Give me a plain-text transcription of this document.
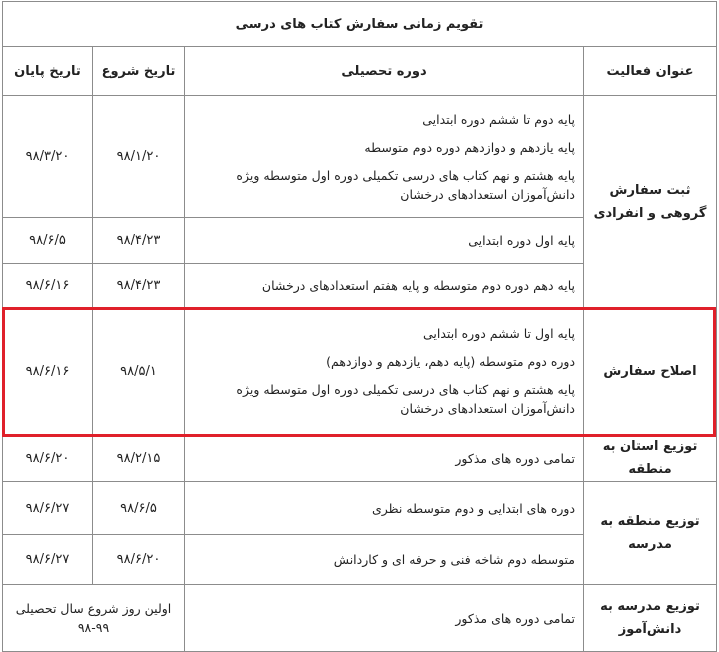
تقویم زمانی سفارش کتاب های درسی			
عنوان فعالیت	دوره تحصیلی	تاریخ شروع	تاریخ پایان
ثبت سفارش گروهی و انفرادی	پایه دوم تا ششم دوره ابتدایی

پایه یازدهم و دوازدهم دوره دوم متوسطه

پایه هشتم و نهم کتاب های درسی تکمیلی دوره اول متوسطه ویژه دانش‌آموزان استعدادهای درخشان	۹۸/۱/۲۰	۹۸/۳/۲۰

	پایه اول دوره ابتدایی	۹۸/۴/۲۳	۹۸/۶/۵

	پایه دهم دوره دوم متوسطه و پایه هفتم استعدادهای درخشان	۹۸/۴/۲۳	۹۸/۶/۱۶
اصلاح سفارش	پایه اول تا ششم دوره ابتدایی

دوره دوم متوسطه (پایه دهم، یازدهم و دوازدهم)

پایه هشتم و نهم کتاب های درسی تکمیلی دوره اول متوسطه ویژه دانش‌آموزان استعدادهای درخشان	۹۸/۵/۱	۹۸/۶/۱۶
توزیع استان به منطقه	تمامی دوره های مذکور	۹۸/۲/۱۵	۹۸/۶/۲۰
توزیع منطقه به مدرسه	دوره های ابتدایی و دوم متوسطه نظری	۹۸/۶/۵	۹۸/۶/۲۷

	متوسطه دوم شاخه فنی و حرفه ای و کاردانش	۹۸/۶/۲۰	۹۸/۶/۲۷
توزیع مدرسه به دانش‌آموز	تمامی دوره های مذکور	اولین روز شروع سال تحصیلی ۹۹-۹۸	
